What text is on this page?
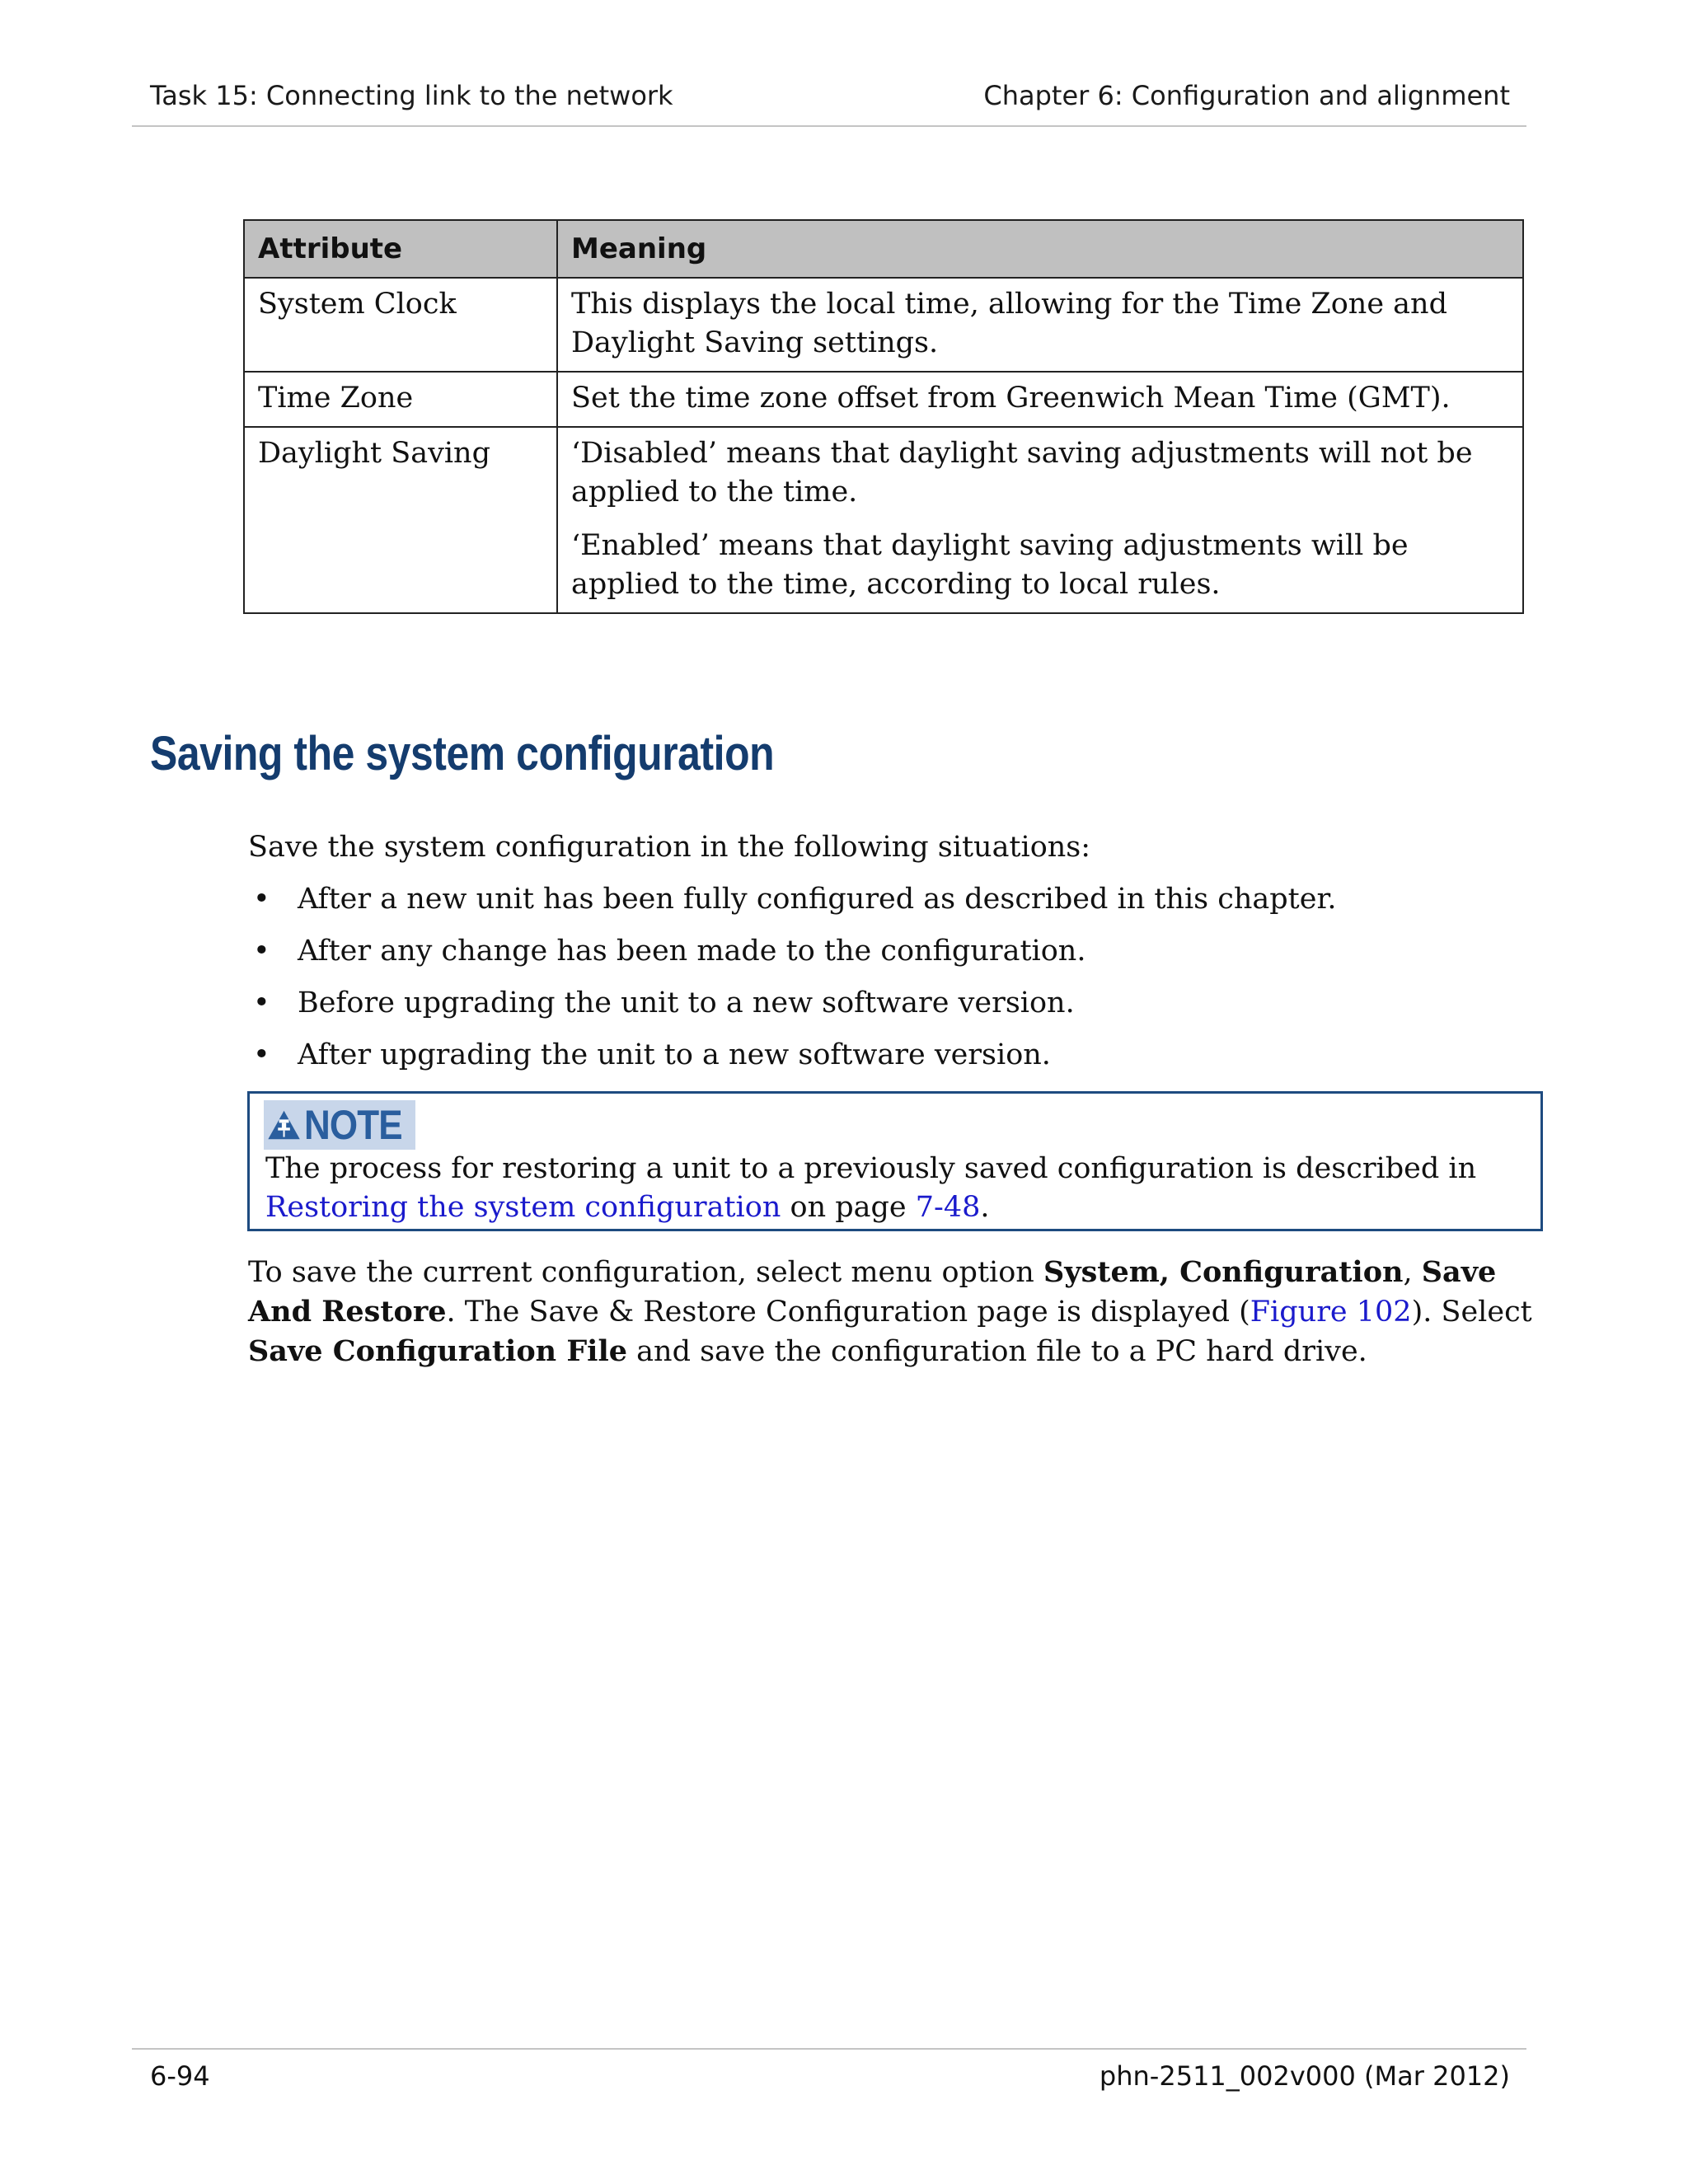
Task 15: Connecting link to the network	Chapter 6: Configuration and alignment

Attribute	Meaning
System Clock	This displays the local time, allowing for the Time Zone and Daylight Saving settings.

Time Zone	Set the time zone offset from Greenwich Mean Time (GMT).

Daylight Saving	‘Disabled’ means that daylight saving adjustments will not be applied to the time.

‘Enabled’ means that daylight saving adjustments will be applied to the time, according to local rules.

Saving the system configuration

Save the system configuration in the following situations:

• After a new unit has been fully configured as described in this chapter.
• After any change has been made to the configuration.
• Before upgrading the unit to a new software version.
• After upgrading the unit to a new software version.
NOTE

The process for restoring a unit to a previously saved configuration is described in Restoring the system configuration on page 7-48.

To save the current configuration, select menu option System, Configuration, Save And Restore. The Save & Restore Configuration page is displayed (Figure 102). Select Save Configuration File and save the configuration file to a PC hard drive.

6-94	phn-2511_002v000 (Mar 2012)
